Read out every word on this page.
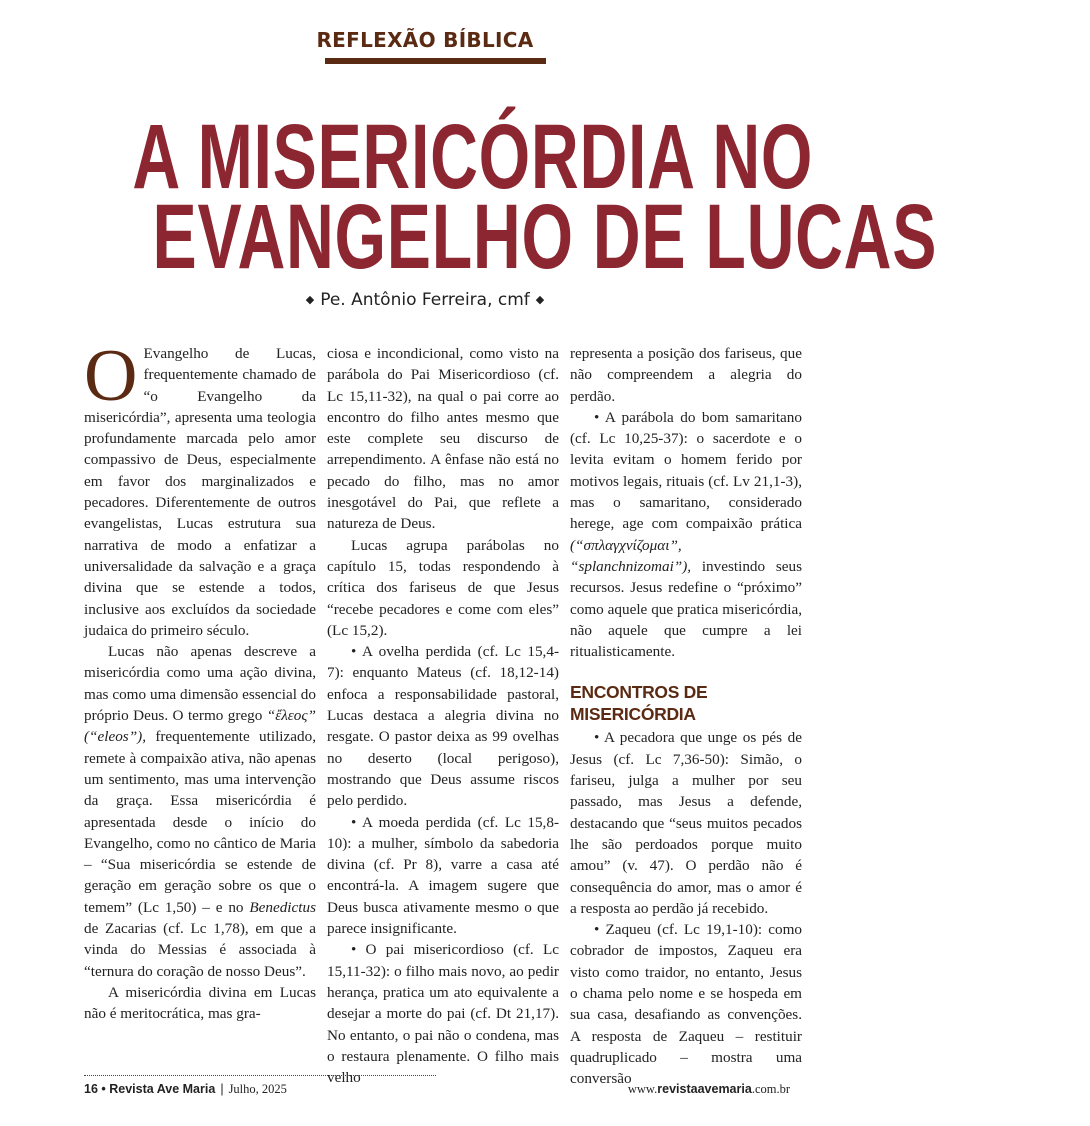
REFLEXÃO BÍBLICA
A MISERICÓRDIA NO
EVANGELHO DE LUCAS
◆ Pe. Antônio Ferreira, cmf ◆

O Evangelho de Lucas, frequentemente chamado de “o Evangelho da misericórdia”, apresenta uma teologia profundamente marcada pelo amor compassivo de Deus, especialmente em favor dos marginalizados e pecadores. Diferentemente de outros evangelistas, Lucas estrutura sua narrativa de modo a enfatizar a universalidade da salvação e a graça divina que se estende a todos, inclusive aos excluídos da sociedade judaica do primeiro século.

Lucas não apenas descreve a misericórdia como uma ação divina, mas como uma dimensão essencial do próprio Deus. O termo grego “ἔλεος” (“eleos”), frequentemente utilizado, remete à compaixão ativa, não apenas um sentimento, mas uma intervenção da graça. Essa misericórdia é apresentada desde o início do Evangelho, como no cântico de Maria – “Sua misericórdia se estende de geração em geração sobre os que o temem” (Lc 1,50) – e no Benedictus de Zacarias (cf. Lc 1,78), em que a vinda do Messias é associada à “ternura do coração de nosso Deus”.

A misericórdia divina em Lucas não é meritocrática, mas gra-

ciosa e incondicional, como visto na parábola do Pai Misericordioso (cf. Lc 15,11-32), na qual o pai corre ao encontro do filho antes mesmo que este complete seu discurso de arrependimento. A ênfase não está no pecado do filho, mas no amor inesgotável do Pai, que reflete a natureza de Deus.

Lucas agrupa parábolas no capítulo 15, todas respondendo à crítica dos fariseus de que Jesus “recebe pecadores e come com eles” (Lc 15,2).

• A ovelha perdida (cf. Lc 15,4-7): enquanto Mateus (cf. 18,12-14) enfoca a responsabilidade pastoral, Lucas destaca a alegria divina no resgate. O pastor deixa as 99 ovelhas no deserto (local perigoso), mostrando que Deus assume riscos pelo perdido.

• A moeda perdida (cf. Lc 15,8-10): a mulher, símbolo da sabedoria divina (cf. Pr 8), varre a casa até encontrá-la. A imagem sugere que Deus busca ativamente mesmo o que parece insignificante.

• O pai misericordioso (cf. Lc 15,11-32): o filho mais novo, ao pedir herança, pratica um ato equivalente a desejar a morte do pai (cf. Dt 21,17). No entanto, o pai não o condena, mas o restaura plenamente. O filho mais velho

representa a posição dos fariseus, que não compreendem a alegria do perdão.

• A parábola do bom samaritano (cf. Lc 10,25-37): o sacerdote e o levita evitam o homem ferido por motivos legais, rituais (cf. Lv 21,1-3), mas o samaritano, considerado herege, age com compaixão prática (“σπλαγχνίζομαι”, “splanchnizomai”), investindo seus recursos. Jesus redefine o “próximo” como aquele que pratica misericórdia, não aquele que cumpre a lei ritualisticamente.

ENCONTROS DE MISERICÓRDIA

• A pecadora que unge os pés de Jesus (cf. Lc 7,36-50): Simão, o fariseu, julga a mulher por seu passado, mas Jesus a defende, destacando que “seus muitos pecados lhe são perdoados porque muito amou” (v. 47). O perdão não é consequência do amor, mas o amor é a resposta ao perdão já recebido.

• Zaqueu (cf. Lc 19,1-10): como cobrador de impostos, Zaqueu era visto como traidor, no entanto, Jesus o chama pelo nome e se hospeda em sua casa, desafiando as convenções. A resposta de Zaqueu – restituir quadruplicado – mostra uma conversão

16 • Revista Ave Maria | Julho, 2025	www.revistaavemaria.com.br
